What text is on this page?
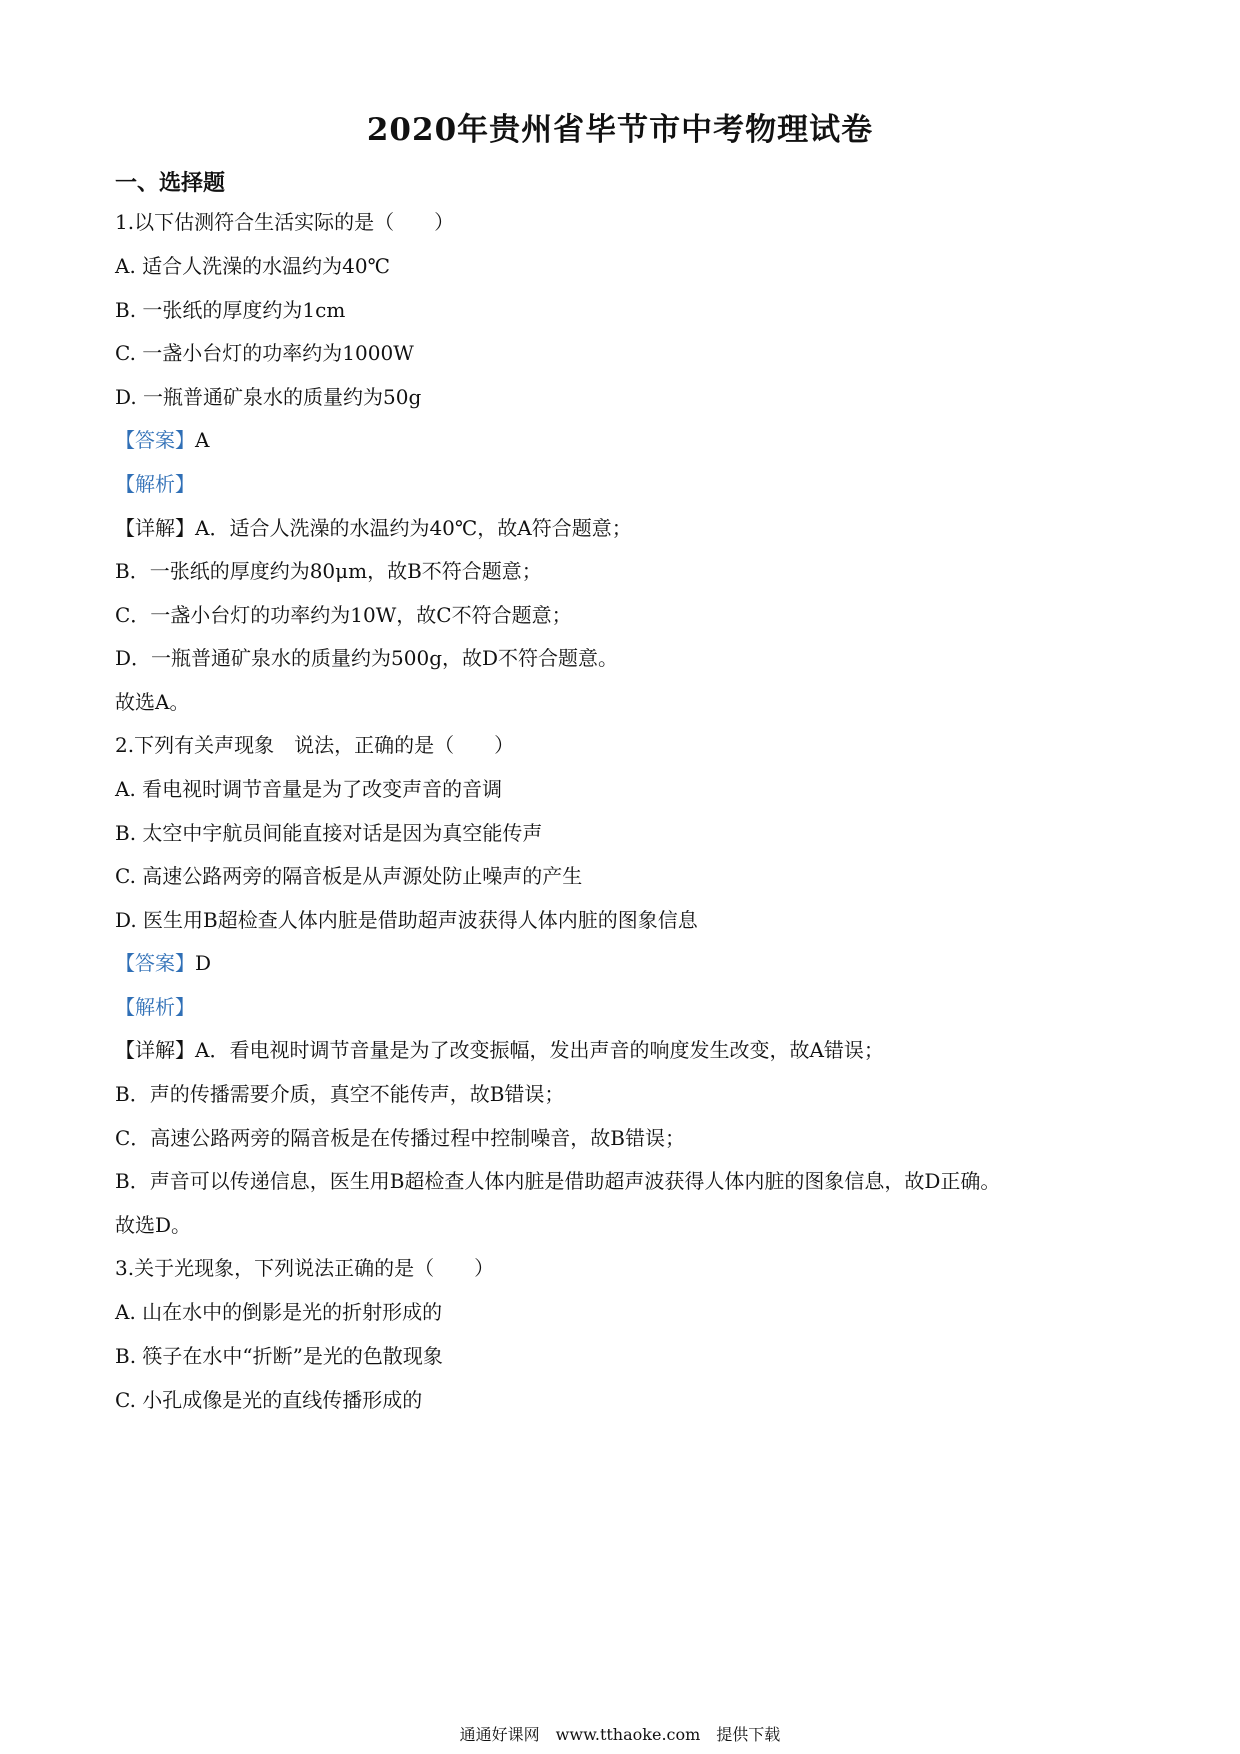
2020年贵州省毕节市中考物理试卷
一、选择题
1.以下估测符合生活实际的是（　　）
A. 适合人洗澡的水温约为40℃
B. 一张纸的厚度约为1cm
C. 一盏小台灯的功率约为1000W
D. 一瓶普通矿泉水的质量约为50g
【答案】A
【解析】
【详解】A．适合人洗澡的水温约为40℃，故A符合题意；
B．一张纸的厚度约为80μm，故B不符合题意；
C．一盏小台灯的功率约为10W，故C不符合题意；
D．一瓶普通矿泉水的质量约为500g，故D不符合题意。
故选A。
2.下列有关声现象　说法，正确的是（　　）
A. 看电视时调节音量是为了改变声音的音调
B. 太空中宇航员间能直接对话是因为真空能传声
C. 高速公路两旁的隔音板是从声源处防止噪声的产生
D. 医生用B超检查人体内脏是借助超声波获得人体内脏的图象信息
【答案】D
【解析】
【详解】A．看电视时调节音量是为了改变振幅，发出声音的响度发生改变，故A错误；
B．声的传播需要介质，真空不能传声，故B错误；
C．高速公路两旁的隔音板是在传播过程中控制噪音，故B错误；
B．声音可以传递信息，医生用B超检查人体内脏是借助超声波获得人体内脏的图象信息，故D正确。
故选D。
3.关于光现象，下列说法正确的是（　　）
A. 山在水中的倒影是光的折射形成的
B. 筷子在水中“折断”是光的色散现象
C. 小孔成像是光的直线传播形成的
通通好课网　www.tthaoke.com　提供下载
